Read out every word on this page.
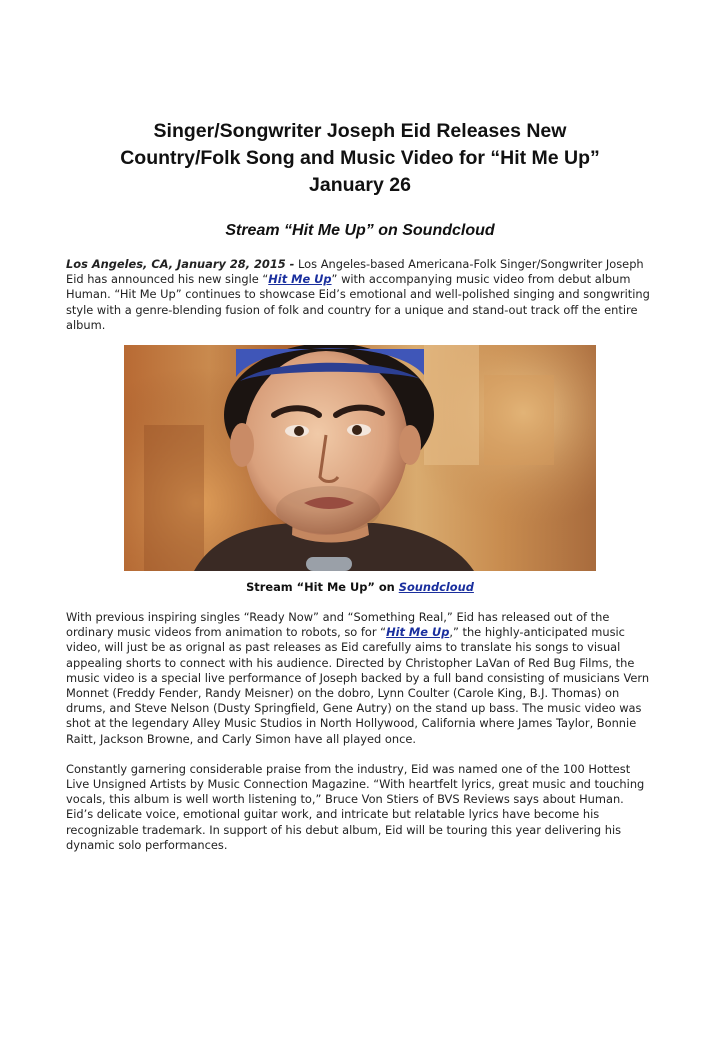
Singer/Songwriter Joseph Eid Releases New
Country/Folk Song and Music Video for “Hit Me Up”
January 26
Stream “Hit Me Up” on Soundcloud

Los Angeles, CA, January 28, 2015 - Los Angeles-based Americana-Folk Singer/Songwriter Joseph Eid has announced his new single “Hit Me Up” with accompanying music video from debut album Human. “Hit Me Up” continues to showcase Eid’s emotional and well-polished singing and songwriting style with a genre-blending fusion of folk and country for a unique and stand-out track off the entire album.

Stream “Hit Me Up” on Soundcloud

With previous inspiring singles “Ready Now” and “Something Real,” Eid has released out of the ordinary music videos from animation to robots, so for “Hit Me Up,” the highly-anticipated music video, will just be as orignal as past releases as Eid carefully aims to translate his songs to visual appealing shorts to connect with his audience. Directed by Christopher LaVan of Red Bug Films, the music video is a special live performance of Joseph backed by a full band consisting of musicians Vern Monnet (Freddy Fender, Randy Meisner) on the dobro, Lynn Coulter (Carole King, B.J. Thomas) on drums, and Steve Nelson (Dusty Springfield, Gene Autry) on the stand up bass. The music video was shot at the legendary Alley Music Studios in North Hollywood, California where James Taylor, Bonnie Raitt, Jackson Browne, and Carly Simon have all played once.

Constantly garnering considerable praise from the industry, Eid was named one of the 100 Hottest Live Unsigned Artists by Music Connection Magazine. “With heartfelt lyrics, great music and touching vocals, this album is well worth listening to,” Bruce Von Stiers of BVS Reviews says about Human. Eid’s delicate voice, emotional guitar work, and intricate but relatable lyrics have become his recognizable trademark. In support of his debut album, Eid will be touring this year delivering his dynamic solo performances.
